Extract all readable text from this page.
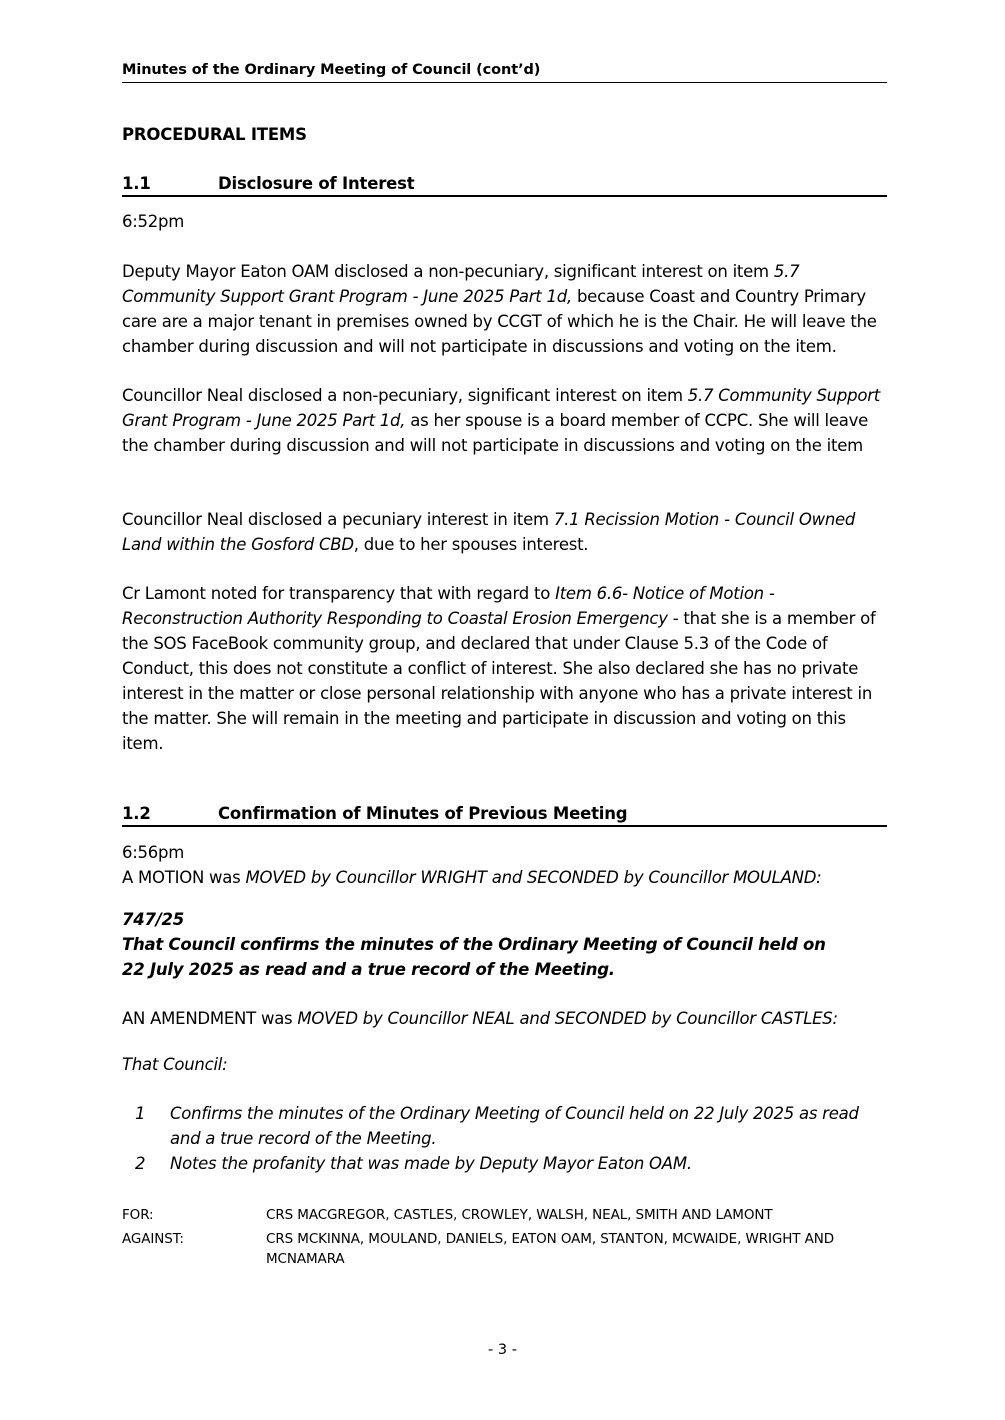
Minutes of the Ordinary Meeting of Council (cont’d)
PROCEDURAL ITEMS
1.1	Disclosure of Interest

6:52pm

Deputy Mayor Eaton OAM disclosed a non-pecuniary, significant interest on item 5.7 Community Support Grant Program - June 2025 Part 1d, because Coast and Country Primary care are a major tenant in premises owned by CCGT of which he is the Chair. He will leave the chamber during discussion and will not participate in discussions and voting on the item.

Councillor Neal disclosed a non-pecuniary, significant interest on item 5.7 Community Support Grant Program - June 2025 Part 1d, as her spouse is a board member of CCPC. She will leave the chamber during discussion and will not participate in discussions and voting on the item

Councillor Neal disclosed a pecuniary interest in item 7.1 Recission Motion - Council Owned Land within the Gosford CBD, due to her spouses interest.

Cr Lamont noted for transparency that with regard to Item 6.6- Notice of Motion - Reconstruction Authority Responding to Coastal Erosion Emergency - that she is a member of the SOS FaceBook community group, and declared that under Clause 5.3 of the Code of Conduct, this does not constitute a conflict of interest. She also declared she has no private interest in the matter or close personal relationship with anyone who has a private interest in the matter. She will remain in the meeting and participate in discussion and voting on this item.

1.2	Confirmation of Minutes of Previous Meeting

6:56pm

A MOTION was MOVED by Councillor WRIGHT and SECONDED by Councillor MOULAND:

747/25
That Council confirms the minutes of the Ordinary Meeting of Council held on
22 July 2025 as read and a true record of the Meeting.

AN AMENDMENT was MOVED by Councillor NEAL and SECONDED by Councillor CASTLES:

That Council:

1	Confirms the minutes of the Ordinary Meeting of Council held on 22 July 2025 as read and a true record of the Meeting.
2	Notes the profanity that was made by Deputy Mayor Eaton OAM.
FOR:	CRS MACGREGOR, CASTLES, CROWLEY, WALSH, NEAL, SMITH AND LAMONT
AGAINST:	CRS MCKINNA, MOULAND, DANIELS, EATON OAM, STANTON, MCWAIDE, WRIGHT AND MCNAMARA
- 3 -
